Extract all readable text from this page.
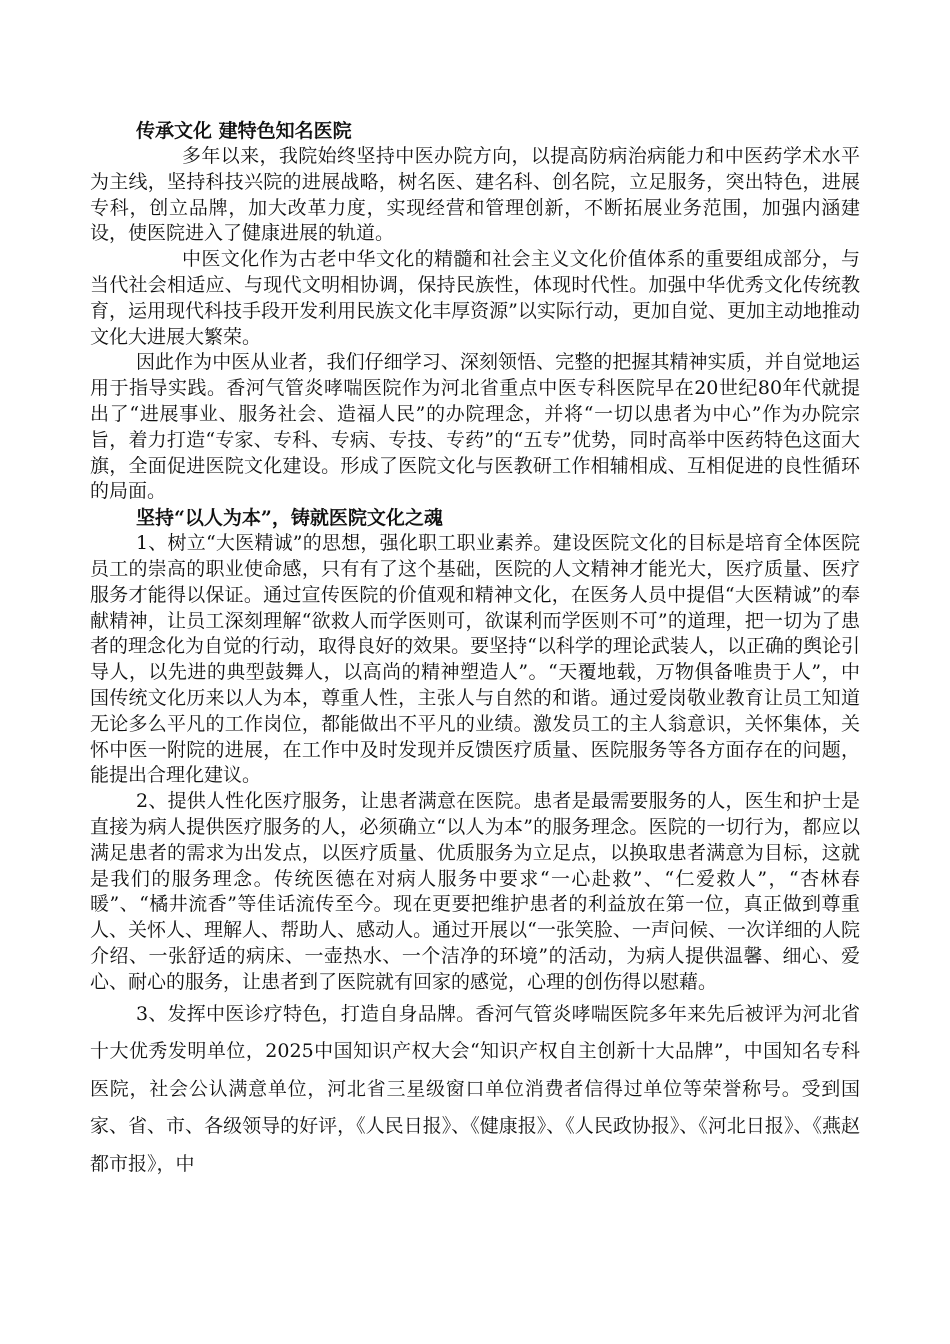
传承文化 建特色知名医院

多年以来，我院始终坚持中医办院方向，以提高防病治病能力和中医药学术水平为主线，坚持科技兴院的进展战略，树名医、建名科、创名院，立足服务，突出特色，进展专科，创立品牌，加大改革力度，实现经营和管理创新，不断拓展业务范围，加强内涵建设，使医院进入了健康进展的轨道。

中医文化作为古老中华文化的精髓和社会主义文化价值体系的重要组成部分，与当代社会相适应、与现代文明相协调，保持民族性，体现时代性。加强中华优秀文化传统教育，运用现代科技手段开发利用民族文化丰厚资源”以实际行动，更加自觉、更加主动地推动文化大进展大繁荣。

因此作为中医从业者，我们仔细学习、深刻领悟、完整的把握其精神实质，并自觉地运用于指导实践。香河气管炎哮喘医院作为河北省重点中医专科医院早在20世纪80年代就提出了“进展事业、服务社会、造福人民”的办院理念，并将“一切以患者为中心”作为办院宗旨，着力打造“专家、专科、专病、专技、专药”的“五专”优势，同时高举中医药特色这面大旗，全面促进医院文化建设。形成了医院文化与医教研工作相辅相成、互相促进的良性循环的局面。

坚持“以人为本”，铸就医院文化之魂

1、树立“大医精诚”的思想，强化职工职业素养。建设医院文化的目标是培育全体医院员工的崇高的职业使命感，只有有了这个基础，医院的人文精神才能光大，医疗质量、医疗服务才能得以保证。通过宣传医院的价值观和精神文化，在医务人员中提倡“大医精诚”的奉献精神，让员工深刻理解“欲救人而学医则可，欲谋利而学医则不可”的道理，把一切为了患者的理念化为自觉的行动，取得良好的效果。要坚持“以科学的理论武装人，以正确的舆论引导人，以先进的典型鼓舞人，以高尚的精神塑造人”。“天覆地载，万物俱备唯贵于人”，中国传统文化历来以人为本，尊重人性，主张人与自然的和谐。通过爱岗敬业教育让员工知道无论多么平凡的工作岗位，都能做出不平凡的业绩。激发员工的主人翁意识，关怀集体，关怀中医一附院的进展，在工作中及时发现并反馈医疗质量、医院服务等各方面存在的问题，能提出合理化建议。

2、提供人性化医疗服务，让患者满意在医院。患者是最需要服务的人，医生和护士是直接为病人提供医疗服务的人，必须确立“以人为本”的服务理念。医院的一切行为，都应以满足患者的需求为出发点，以医疗质量、优质服务为立足点，以换取患者满意为目标，这就是我们的服务理念。传统医德在对病人服务中要求“一心赴救”、“仁爱救人”，“杏林春暖”、“橘井流香”等佳话流传至今。现在更要把维护患者的利益放在第一位，真正做到尊重人、关怀人、理解人、帮助人、感动人。通过开展以“一张笑脸、一声问候、一次详细的人院介绍、一张舒适的病床、一壶热水、一个洁净的环境”的活动，为病人提供温馨、细心、爱心、耐心的服务，让患者到了医院就有回家的感觉，心理的创伤得以慰藉。

3、发挥中医诊疗特色，打造自身品牌。香河气管炎哮喘医院多年来先后被评为河北省十大优秀发明单位，2025中国知识产权大会“知识产权自主创新十大品牌”，中国知名专科医院，社会公认满意单位，河北省三星级窗口单位消费者信得过单位等荣誉称号。受到国家、省、市、各级领导的好评，《人民日报》、《健康报》、《人民政协报》、《河北日报》、《燕赵都市报》，中
